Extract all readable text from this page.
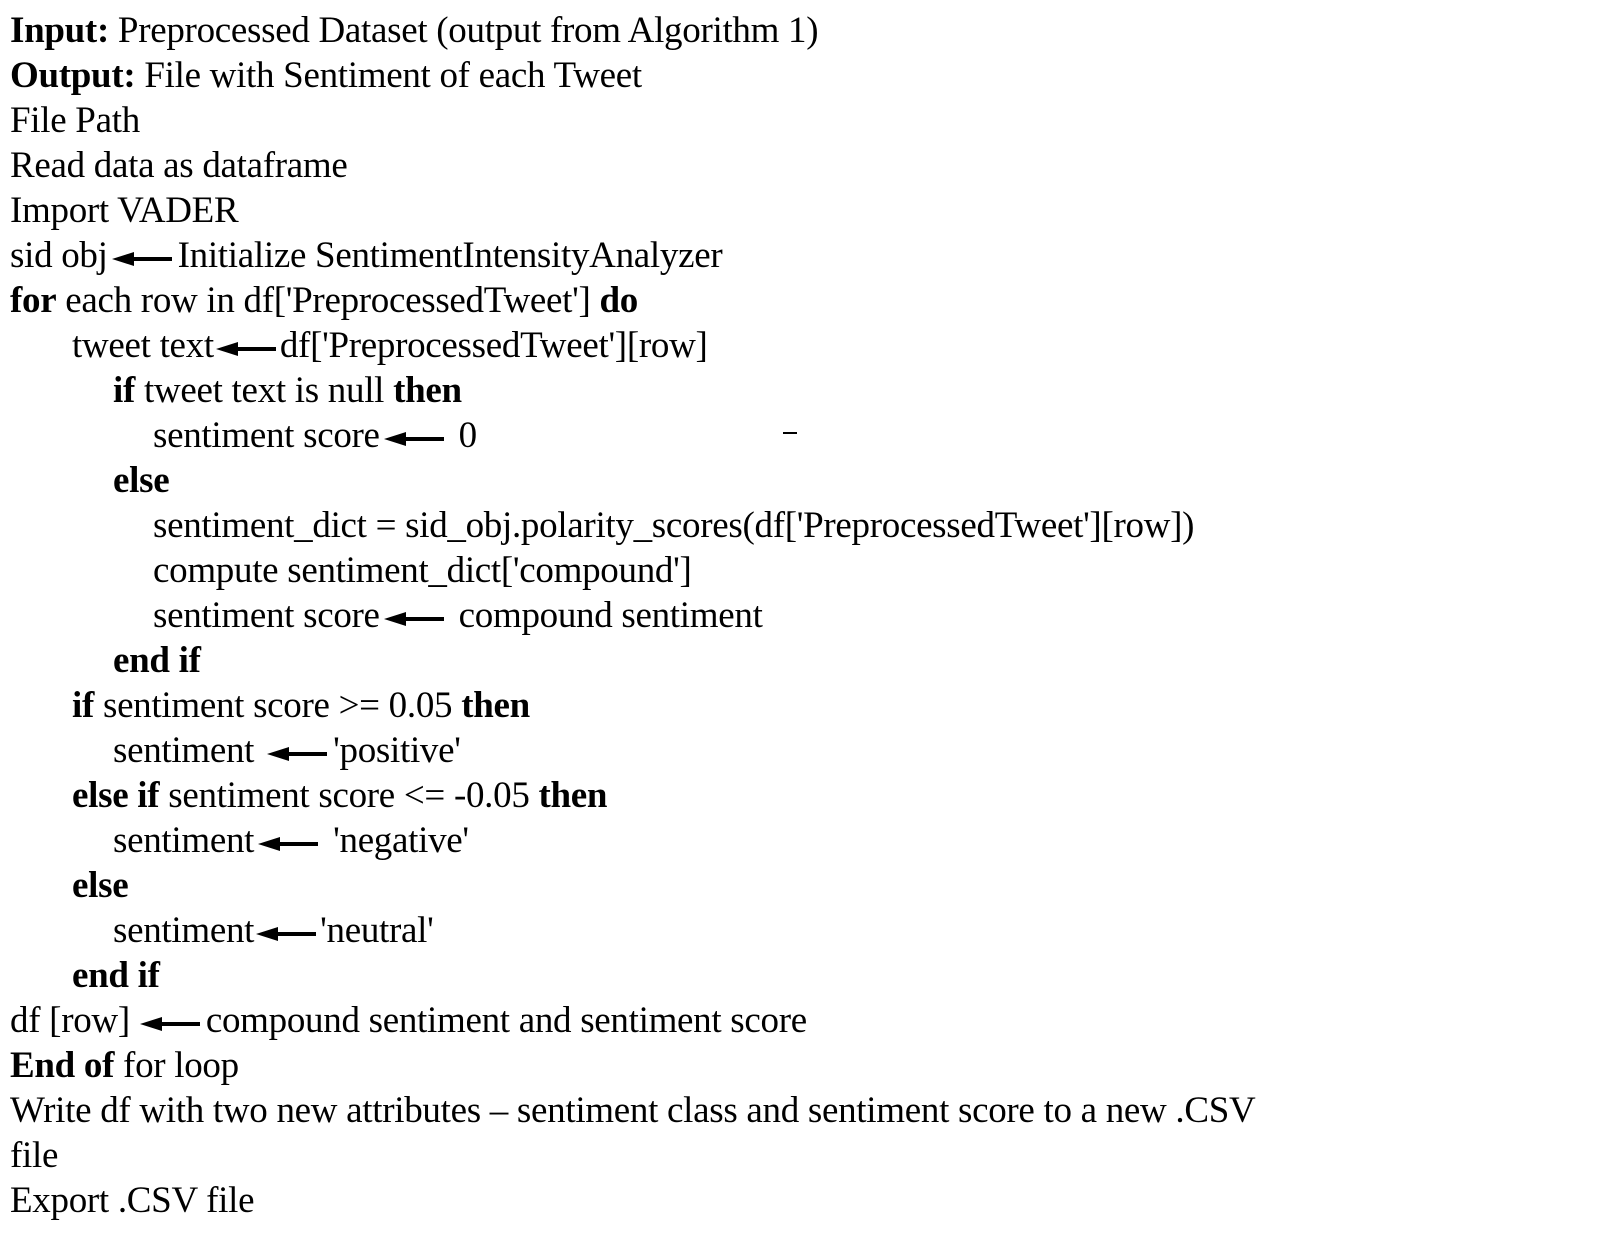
Input: Preprocessed Dataset (output from Algorithm 1)
Output: File with Sentiment of each Tweet
File Path
Read data as dataframe
Import VADER
sid obj Initialize SentimentIntensityAnalyzer
for each row in df['PreprocessedTweet'] do
tweet text df['PreprocessedTweet'][row]
if tweet text is null then
sentiment score 0
else
sentiment_dict = sid_obj.polarity_scores(df['PreprocessedTweet'][row])
compute sentiment_dict['compound']
sentiment score compound sentiment
end if
if sentiment score >= 0.05 then
sentiment 'positive'
else if sentiment score <= -0.05 then
sentiment 'negative'
else
sentiment 'neutral'
end if
df [row] compound sentiment and sentiment score
End of for loop
Write df with two new attributes – sentiment class and sentiment score to a new .CSV
file
Export .CSV file
